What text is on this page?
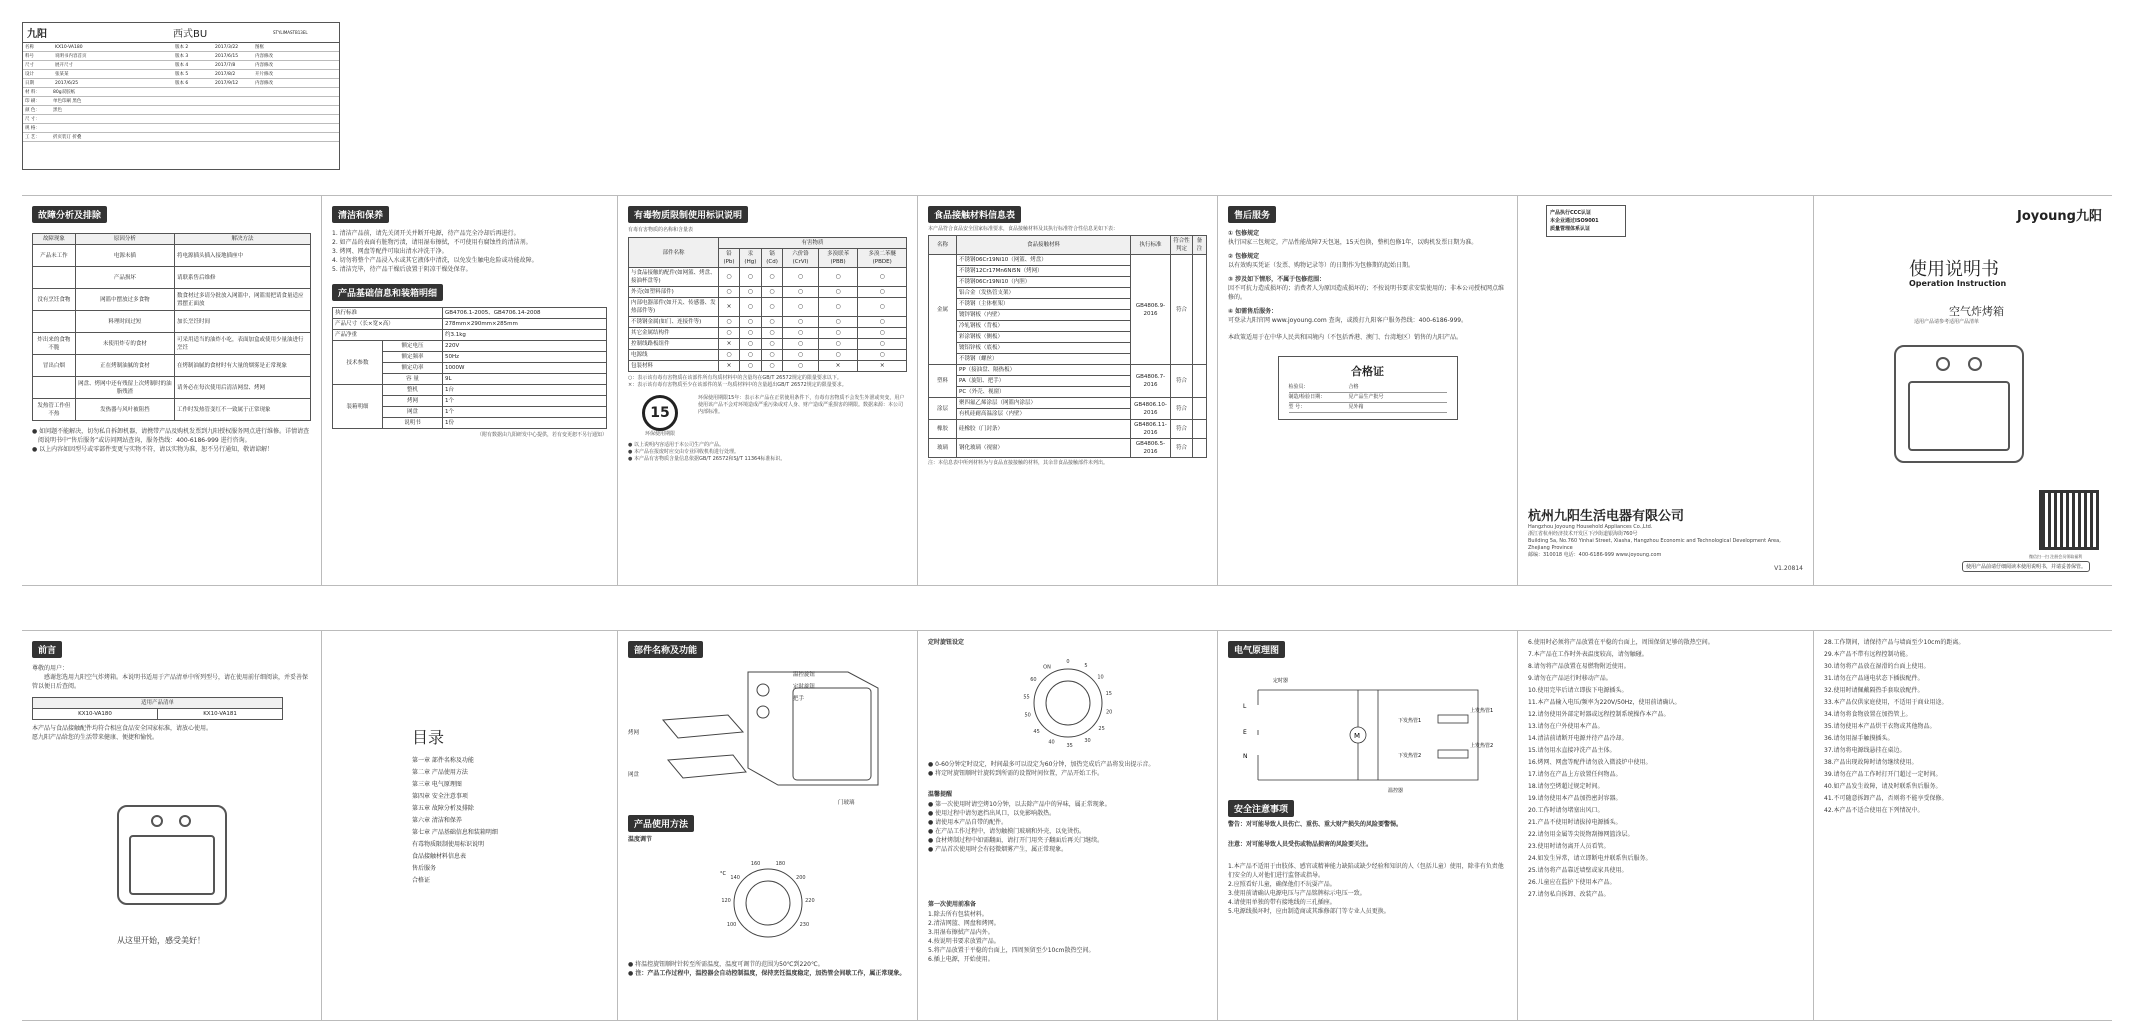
九阳	西式BU	STYLIMASTB13EL
名称	KX10-VA180	版本 2	2017/3/22	图框
料号	说明书内容首页	版本 3	2017/6/15	内容修改
尺寸	展开尺寸	版本 4	2017/7/8	内容修改
设计	张某某	版本 5	2017/8/2	开片修改
日期	2017/6/25	版本 6	2017/9/12	内容修改
材 料：	80g双胶纸
印 刷：	单色印刷 黑色
颜 色：	黑色
尺 寸：
规 格：
工 艺：	折页装订 折叠
故障分析及排除
故障现象	原因分析	解决方法
产品未工作	电源未插	将电源插头插入接地插座中
	产品损坏	请联系售后维修
没有烹饪食物	网篮中摆放过多食物	数食材过多请分批放入网篮中，网篮需把请食量适应置摆正面放
	料理时间过短	加长烹饪时间
炸出来的食物不脆	未使用炸专的食材	可采用适当的油炸小吃，表面加盒或使用少量油进行烹饪
冒出白烟	正在烤制油腻的食材	在烤制油腻的食材时有大量的烟雾是正常现象
	网盘、烤网中还有残留上次烤制时的油脂残渣	请务必在每次使用后清洁网盘、烤网
发热管工作但不热	发热器与风叶被阻挡	工作时发热管变红不一致属于正常现象
● 如问题不能解决，切勿私自拆卸机器，请携带产品及购机发票到九阳授权服务网点进行维修。详情请查阅说明书中“售后服务”或访问网站查询，服务热线：400-6186-999 进行咨询。
● 以上内容如因型号或零部件变更与实物不符，请以实物为准，恕不另行通知，敬请谅解！
清洁和保养
1. 清洁产品前，请先关闭开关并断开电源，待产品完全冷却后再进行。
2. 如产品的表面有脏物污渍，请用湿布擦拭，不可使用有腐蚀性的清洁剂。
3. 烤网、网盘等配件可取出清水冲洗干净。
4. 切勿将整个产品浸入水或其它液体中清洗，以免发生触电危险或功能故障。
5. 清洁完毕，待产品干燥后放置于阴凉干燥处保存。
产品基础信息和装箱明细
执行标准		GB4706.1-2005、GB4706.14-2008
产品尺寸（长×宽×高）		278mm×290mm×285mm
产品净重		约3.1kg
技术参数	额定电压	220V
	额定频率	50Hz
	额定功率	1000W
	容 量	9L
装箱明细	整机	1台
	烤网	1个
	网盘	1个
	说明书	1份
（附有数据由九阳研发中心提供，若有变更恕不另行通知）
有毒物质限制使用标识说明
有毒有害物质的名称和含量表
部件名称	有害物质					
	铅(Pb)	汞(Hg)	镉(Cd)	六价铬(CrVI)	多溴联苯(PBB)	多溴二苯醚(PBDE)
与食品接触的配件(如网篮、烤盘、接油杯盘等)	○	○	○	○	○	○
外壳(如塑料部件)	○	○	○	○	○	○
内部电器部件(如开关、传感器、发热部件等)	×	○	○	○	○	○
不锈钢金属(如门、连接件等)	○	○	○	○	○	○
其它金属结构件	○	○	○	○	○	○
控制线路板组件	×	○	○	○	○	○
电源线	○	○	○	○	○	○
包装材料	×	○	○	○	×	×
○：表示该有毒有害物质在该部件所有均质材料中的含量均在GB/T 26572规定的限量要求以下。
×：表示该有毒有害物质至少在该部件的某一均质材料中的含量超出GB/T 26572规定的限量要求。
15
环保使用期限
环保使用期限15年：表示本产品在正常使用条件下，有毒有害物质不会发生外泄或突变，用户使用该产品不会对环境造成严重污染或对人身、财产造成严重损害的期限。数据来源：本公司内部标准。
● 以上说明内容适用于本公司生产的产品。
● 本产品在报废时应交由专业回收机构进行处理。
● 本产品有害物质含量信息依据GB/T 26572和SJ/T 11364标准标识。
食品接触材料信息表
本产品符合食品安全国家标准要求，食品接触材料及其执行标准符合性信息见如下表：
名称	食品接触材料	执行标准	符合性判定	备注
金属	不锈钢06Cr19Ni10（网篮、烤盘）	GB4806.9-2016	符合	
	不锈钢12Cr17Mn6Ni5N（烤网）			
	不锈钢06Cr19Ni10（内胆）			
	铝合金（发热管支架）			
	不锈钢（主体框架）			
	镀锌钢板（内壁）			
	冷轧钢板（背板）			
	彩涂钢板（侧板）			
	镀铝锌板（底板）			
	不锈钢（螺丝）			
塑料	PP（接油盘、隔热板）	GB4806.7-2016	符合	
	PA（旋钮、把手）			
	PC（外壳、视窗）			
涂层	聚四氟乙烯涂层（网篮内涂层）	GB4806.10-2016	符合	
	有机硅耐高温涂层（内壁）			
橡胶	硅橡胶（门封条）	GB4806.11-2016	符合	
玻璃	钢化玻璃（视窗）	GB4806.5-2016	符合	
注：本信息表中所列材料为与食品直接接触的材料，其余非食品接触部件未列出。
售后服务
① 包修规定
执行国家三包规定，产品性能故障7天包退，15天包换，整机包修1年，以购机发票日期为准。
② 包修规定
以有效购买凭证（发票、购物记录等）的日期作为包修期的起始日期。
③ 涉及如下情形，不属于包修范围：
因不可抗力造成损坏的；消费者人为原因造成损坏的；不按说明书要求安装使用的；非本公司授权网点维修的。
④ 如需售后服务：
可登录九阳官网 www.joyoung.com 查询，或拨打九阳客户服务热线：400-6186-999。
本政策适用于在中华人民共和国境内（不包括香港、澳门、台湾地区）销售的九阳产品。
合格证
检验员：	合格
制造/检验日期：	见产品生产批号
型 号：	见外箱
产品执行CCC认证
本企业通过ISO9001
质量管理体系认证
杭州九阳生活电器有限公司
Hangzhou Joyoung Household Appliances Co.,Ltd.
浙江省杭州经济技术开发区下沙街道银海街760号
Building 5a, No.760 Yinhai Street, Xiasha, Hangzhou Economic and Technological Development Area, Zhejiang Province
邮编：310018 电话：400-6186-999 www.joyoung.com
V1.20814
Joyoung九阳
使用说明书
Operation Instruction
空气炸烤箱
适用产品请参考适用产品清单
微信扫一扫 注册会员领取福利
使用产品前请仔细阅读本使用说明书，并请妥善保管。
前言
尊敬的用户：
感谢您选用九阳空气炸烤箱。本说明书适用于产品清单中所列型号，请在使用前仔细阅读，并妥善保管以便日后查阅。
适用产品清单
KX10-VA180	KX10-VA181
本产品与食品接触配件均符合相应食品安全国家标准，请放心使用。
愿九阳产品给您的生活带来健康、便捷和愉悦。
从这里开始，感受美好！
目录
第一章 部件名称及功能
第二章 产品使用方法
第三章 电气原理图
第四章 安全注意事项
第五章 故障分析及排除
第六章 清洁和保养
第七章 产品基础信息和装箱明细
有毒物质限制使用标识说明
食品接触材料信息表
售后服务
合格证
部件名称及功能
温控旋钮
定时旋钮
把手
烤网
网盘
门玻璃
产品使用方法
温度调节
100
120
140
160	180
200
220
230
°C
● 将温控旋钮顺时针转至所需温度，温度可调节的范围为50℃到220℃。
● 注：产品工作过程中，温控器会自动控制温度，保持烹饪温度稳定，加热管会间歇工作，属正常现象。
定时旋钮设定
0
5
10
15
20
25
30
35
40
45
50
55
60
ON
● 0-60分钟定时设定，时间最多可以设定为60分钟，加热完成后产品将发出提示音。
● 将定时旋钮顺时针旋转到所需的设置时间位置，产品开始工作。
温馨提醒
● 第一次使用时请空烤10分钟，以去除产品中的异味，属正常现象。
● 使用过程中请勿遮挡出风口，以免影响散热。
● 请使用本产品自带的配件。
● 在产品工作过程中，请勿触摸门玻璃和外壳，以免烫伤。
● 食材烤制过程中如需翻面，请打开门用夹子翻面后再关门继续。
● 产品首次使用时会有轻微烟雾产生，属正常现象。
第一次使用前准备
1.除去所有包装材料。
2.清洁网篮、网盘和烤网。
3.用湿布擦拭产品内外。
4.按说明书要求放置产品。
5.将产品放置于平稳的台面上，四周预留至少10cm散热空间。
6.插上电源，开始使用。
电气原理图
定时器
L
E
N
M
温控器
下发热管1
上发热管1
下发热管2
上发热管2
安全注意事项
警告：对可能导致人员伤亡、重伤、重大财产损失的风险要警惕。
注意：对可能导致人员受伤或物品损害的风险要关注。
1.本产品不适用于由肢体、感官或精神能力缺陷或缺少经验和知识的人（包括儿童）使用，除非有负责他们安全的人对他们进行监督或指导。
2.应照看好儿童，确保他们不玩耍产品。
3.使用前请确认电源电压与产品铭牌标示电压一致。
4.请使用单独的带有接地线的三孔插座。
5.电源线损坏时，应由制造商或其维修部门等专业人员更换。
6.使用时必须将产品放置在平稳的台面上，周围保留足够的散热空间。
7.本产品在工作时外表温度较高，请勿触碰。
8.请勿将产品放置在易燃物附近使用。
9.请勿在产品运行时移动产品。
10.使用完毕后请立即拔下电源插头。
11.本产品输入电压/频率为220V/50Hz，使用前请确认。
12.请勿使用外部定时器或远程控制系统操作本产品。
13.请勿在户外使用本产品。
14.清洁前请断开电源并待产品冷却。
15.请勿用水直接冲洗产品主体。
16.烤网、网盘等配件请勿放入微波炉中使用。
17.请勿在产品上方放置任何物品。
18.请勿空烤超过规定时间。
19.请勿使用本产品加热密封容器。
20.工作时请勿堵塞出风口。
21.产品不使用时请拔掉电源插头。
22.请勿用金属等尖锐物刮擦网篮涂层。
23.使用时请勿离开人员看管。
24.如发生异常，请立即断电并联系售后服务。
25.请勿将产品靠近墙壁或家具使用。
26.儿童应在监护下使用本产品。
27.请勿私自拆卸、改装产品。
28.工作期间，请保持产品与墙面至少10cm的距离。
29.本产品不带有远程控制功能。
30.请勿将产品放在湿滑的台面上使用。
31.请勿在产品通电状态下插拔配件。
32.使用时请佩戴隔热手套取放配件。
33.本产品仅供家庭使用，不适用于商业用途。
34.请勿将食物放置在加热管上。
35.请勿使用本产品烘干衣物或其他物品。
36.请勿用湿手触摸插头。
37.请勿将电源线悬挂在桌边。
38.产品出现故障时请勿继续使用。
39.请勿在产品工作时打开门超过一定时间。
40.如产品发生故障，请及时联系售后服务。
41.不可随意拆卸产品，否则将不能享受保修。
42.本产品不适合使用在下列情况中。
